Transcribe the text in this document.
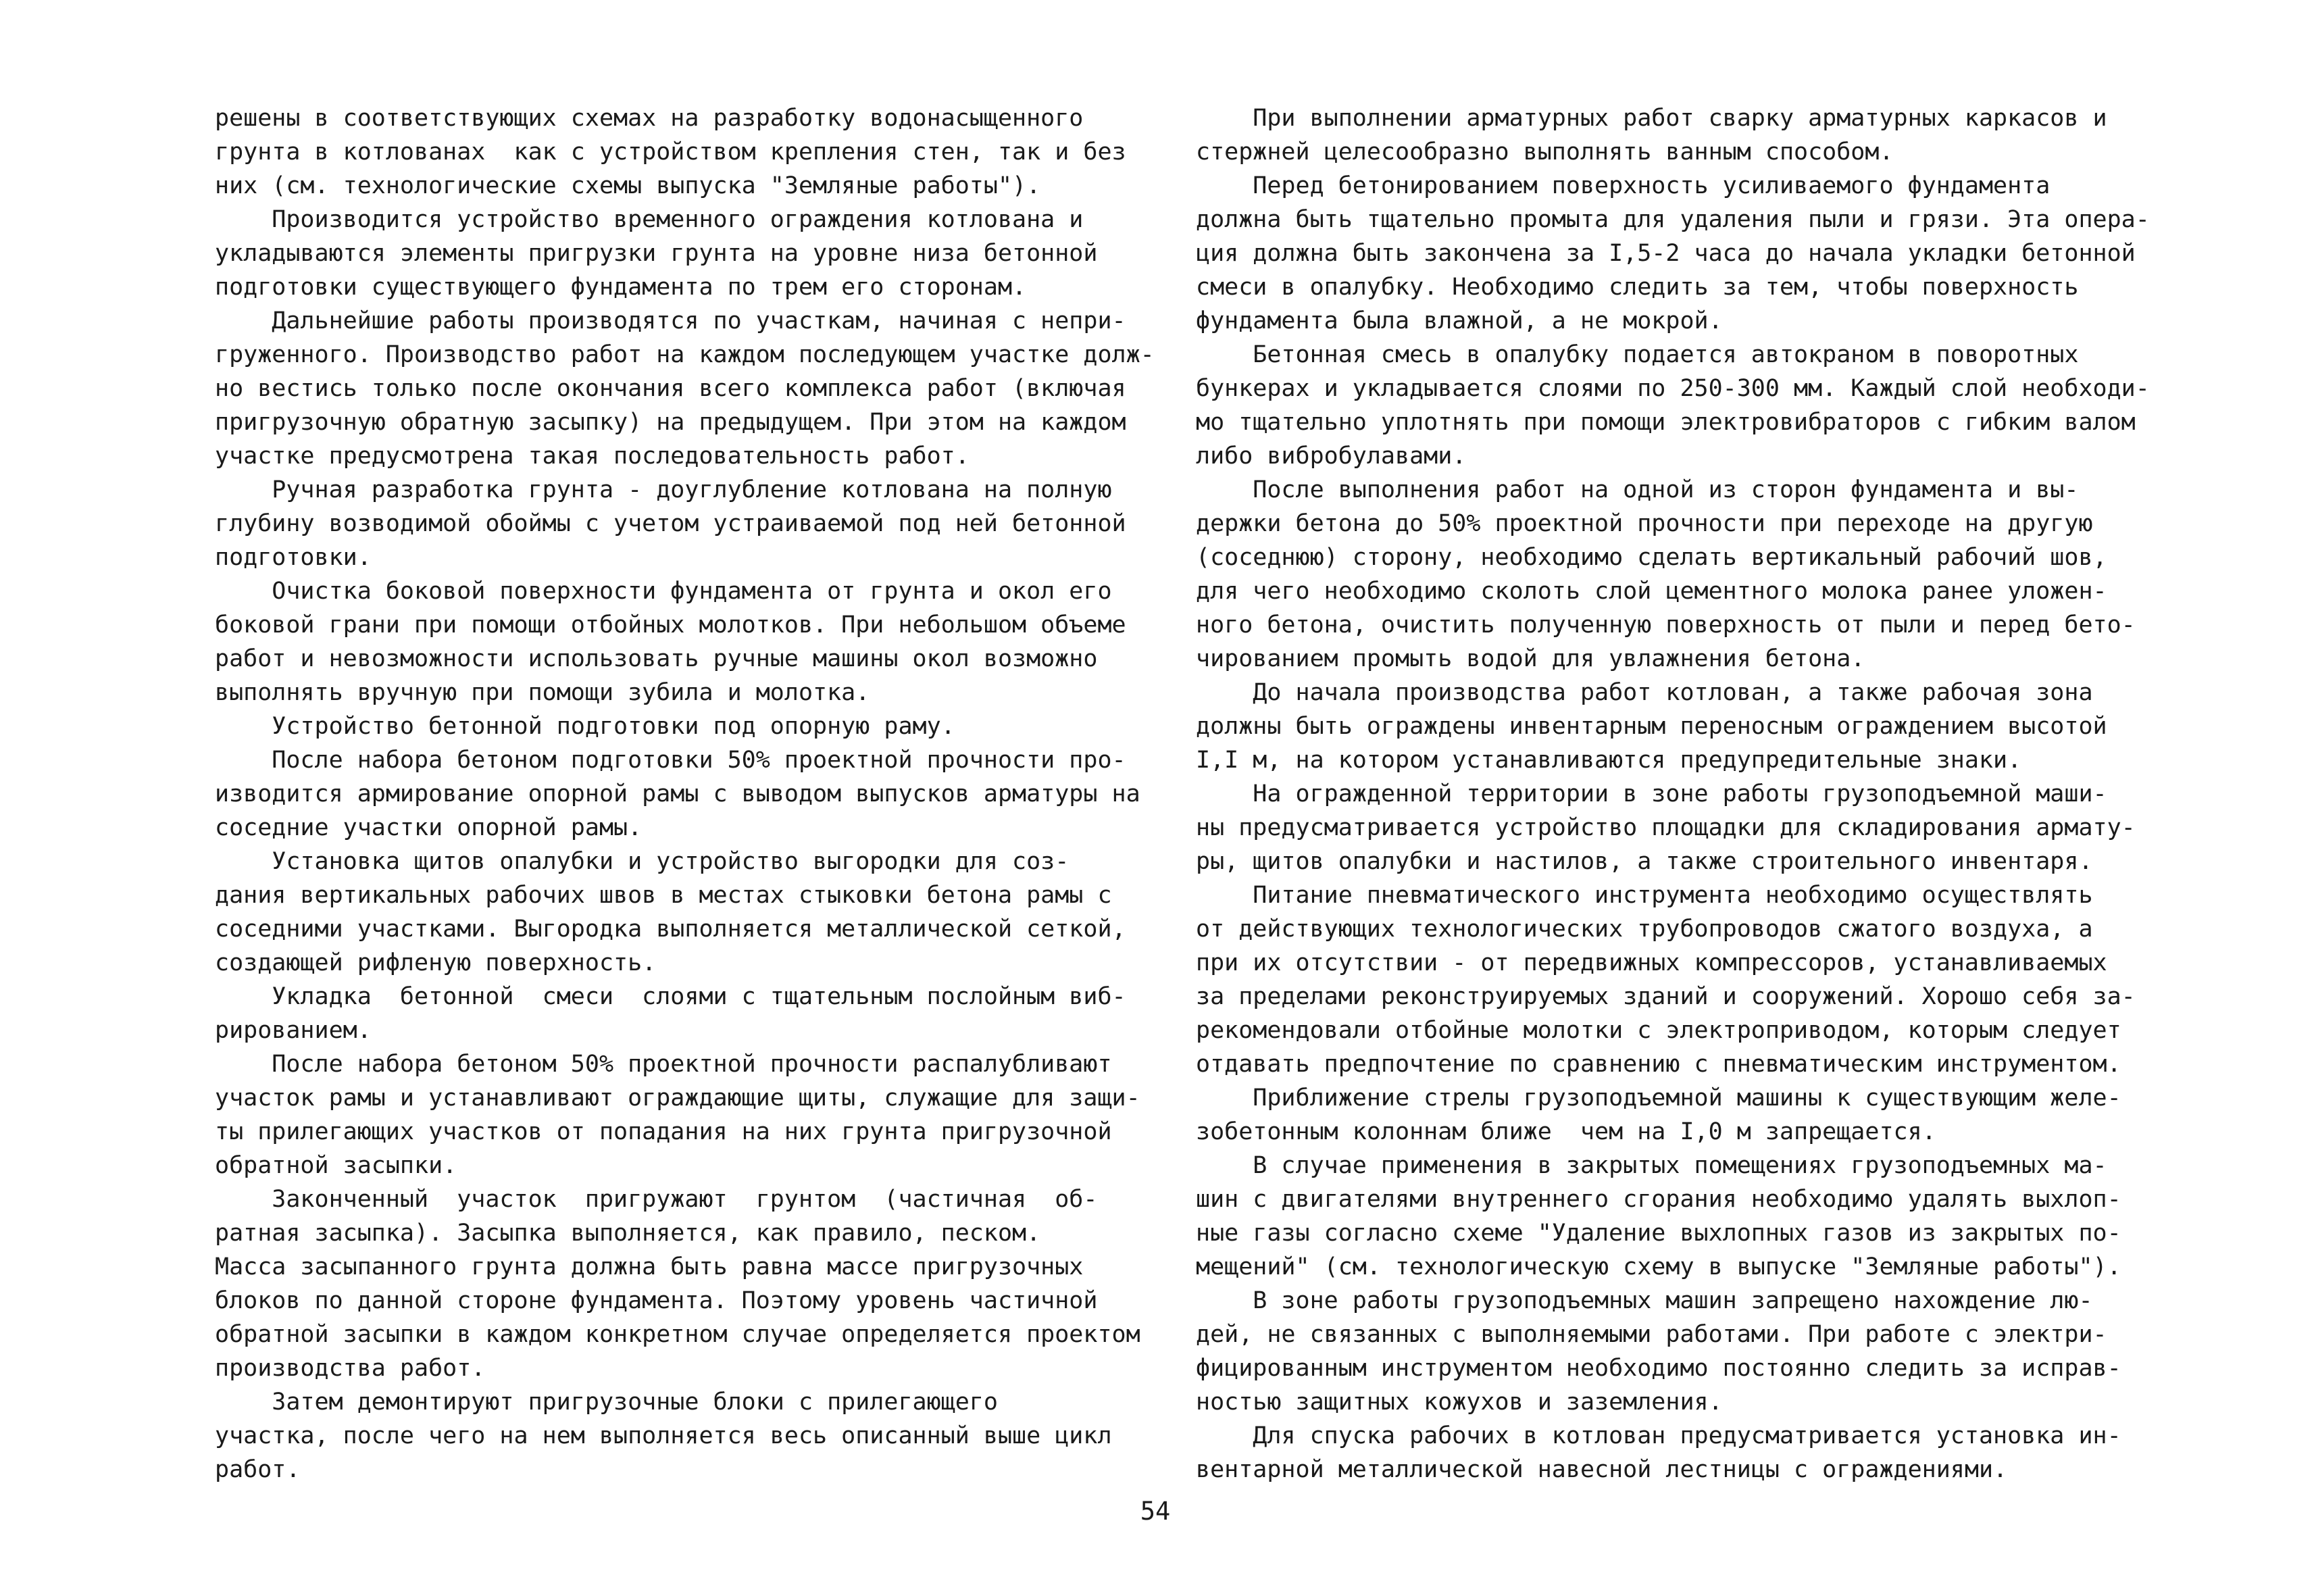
решены в соответствующих схемах на разработку водонасыщенного
грунта в котлованах  как с устройством крепления стен, так и без
них (см. технологические схемы выпуска "Земляные работы").
Производится устройство временного ограждения котлована и
укладываются элементы пригрузки грунта на уровне низа бетонной
подготовки существующего фундамента по трем его сторонам.
Дальнейшие работы производятся по участкам, начиная с непри-
груженного. Производство работ на каждом последующем участке долж-
но вестись только после окончания всего комплекса работ (включая
пригрузочную обратную засыпку) на предыдущем. При этом на каждом
участке предусмотрена такая последовательность работ.
Ручная разработка грунта - доуглубление котлована на полную
глубину возводимой обоймы с учетом устраиваемой под ней бетонной
подготовки.
Очистка боковой поверхности фундамента от грунта и окол его
боковой грани при помощи отбойных молотков. При небольшом объеме
работ и невозможности использовать ручные машины окол возможно
выполнять вручную при помощи зубила и молотка.
Устройство бетонной подготовки под опорную раму.
После набора бетоном подготовки 50% проектной прочности про-
изводится армирование опорной рамы с выводом выпусков арматуры на
соседние участки опорной рамы.
Установка щитов опалубки и устройство выгородки для соз-
дания вертикальных рабочих швов в местах стыковки бетона рамы с
соседними участками. Выгородка выполняется металлической сеткой,
создающей рифленую поверхность.
Укладка  бетонной  смеси  слоями с тщательным послойным виб-
рированием.
После набора бетоном 50% проектной прочности распалубливают
участок рамы и устанавливают ограждающие щиты, служащие для защи-
ты прилегающих участков от попадания на них грунта пригрузочной
обратной засыпки.
Законченный  участок  пригружают  грунтом  (частичная  об-
ратная засыпка). Засыпка выполняется, как правило, песком.
Масса засыпанного грунта должна быть равна массе пригрузочных
блоков по данной стороне фундамента. Поэтому уровень частичной
обратной засыпки в каждом конкретном случае определяется проектом
производства работ.
Затем демонтируют пригрузочные блоки с прилегающего
участка, после чего на нем выполняется весь описанный выше цикл
работ.
При выполнении арматурных работ сварку арматурных каркасов и
стержней целесообразно выполнять ванным способом.
Перед бетонированием поверхность усиливаемого фундамента
должна быть тщательно промыта для удаления пыли и грязи. Эта опера-
ция должна быть закончена за I,5-2 часа до начала укладки бетонной
смеси в опалубку. Необходимо следить за тем, чтобы поверхность
фундамента была влажной, а не мокрой.
Бетонная смесь в опалубку подается автокраном в поворотных
бункерах и укладывается слоями по 250-300 мм. Каждый слой необходи-
мо тщательно уплотнять при помощи электровибраторов с гибким валом
либо вибробулавами.
После выполнения работ на одной из сторон фундамента и вы-
держки бетона до 50% проектной прочности при переходе на другую
(соседнюю) сторону, необходимо сделать вертикальный рабочий шов,
для чего необходимо сколоть слой цементного молока ранее уложен-
ного бетона, очистить полученную поверхность от пыли и перед бето-
чированием промыть водой для увлажнения бетона.
До начала производства работ котлован, а также рабочая зона
должны быть ограждены инвентарным переносным ограждением высотой
I,I м, на котором устанавливаются предупредительные знаки.
На огражденной территории в зоне работы грузоподъемной маши-
ны предусматривается устройство площадки для складирования армату-
ры, щитов опалубки и настилов, а также строительного инвентаря.
Питание пневматического инструмента необходимо осуществлять
от действующих технологических трубопроводов сжатого воздуха, а
при их отсутствии - от передвижных компрессоров, устанавливаемых
за пределами реконструируемых зданий и сооружений. Хорошо себя за-
рекомендовали отбойные молотки с электроприводом, которым следует
отдавать предпочтение по сравнению с пневматическим инструментом.
Приближение стрелы грузоподъемной машины к существующим желе-
зобетонным колоннам ближе  чем на I,0 м запрещается.
В случае применения в закрытых помещениях грузоподъемных ма-
шин с двигателями внутреннего сгорания необходимо удалять выхлоп-
ные газы согласно схеме "Удаление выхлопных газов из закрытых по-
мещений" (см. технологическую схему в выпуске "Земляные работы").
В зоне работы грузоподъемных машин запрещено нахождение лю-
дей, не связанных с выполняемыми работами. При работе с электри-
фицированным инструментом необходимо постоянно следить за исправ-
ностью защитных кожухов и заземления.
Для спуска рабочих в котлован предусматривается установка ин-
вентарной металлической навесной лестницы с ограждениями.
54
